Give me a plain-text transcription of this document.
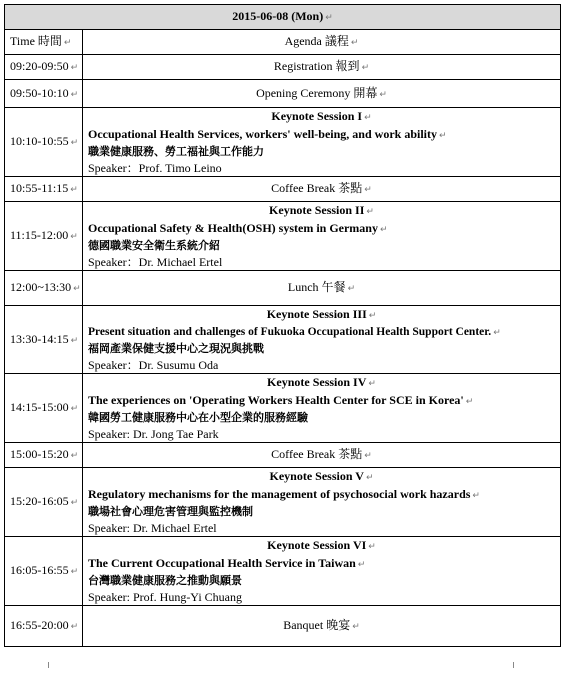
2015-06-08 (Mon) ↵	
Time 時間 ↵	Agenda 議程 ↵
09:20-09:50 ↵	Registration 報到 ↵
09:50-10:10 ↵	Opening Ceremony 開幕 ↵
10:10-10:55 ↵	Keynote Session I ↵
Occupational Health Services, workers' well-being, and work ability ↵
職業健康服務、勞工福祉與工作能力
Speaker：Prof. Timo Leino

10:55-11:15 ↵	Coffee Break 茶點 ↵
11:15-12:00 ↵	Keynote Session II ↵
Occupational Safety & Health(OSH) system in Germany ↵
德國職業安全衛生系統介紹
Speaker：Dr. Michael Ertel

12:00~13:30 ↵	Lunch 午餐 ↵
13:30-14:15 ↵	Keynote Session III ↵
Present situation and challenges of Fukuoka Occupational Health Support Center. ↵
福岡產業保健支援中心之現況與挑戰
Speaker：Dr. Susumu Oda

14:15-15:00 ↵	Keynote Session IV ↵
The experiences on 'Operating Workers Health Center for SCE in Korea' ↵
韓國勞工健康服務中心在小型企業的服務經驗
Speaker: Dr. Jong Tae Park

15:00-15:20 ↵	Coffee Break 茶點 ↵
15:20-16:05 ↵	Keynote Session V ↵
Regulatory mechanisms for the management of psychosocial work hazards ↵
職場社會心理危害管理與監控機制
Speaker: Dr. Michael Ertel

16:05-16:55 ↵	Keynote Session VI ↵
The Current Occupational Health Service in Taiwan ↵
台灣職業健康服務之推動與願景
Speaker: Prof. Hung-Yi Chuang

16:55-20:00 ↵	Banquet 晚宴 ↵
